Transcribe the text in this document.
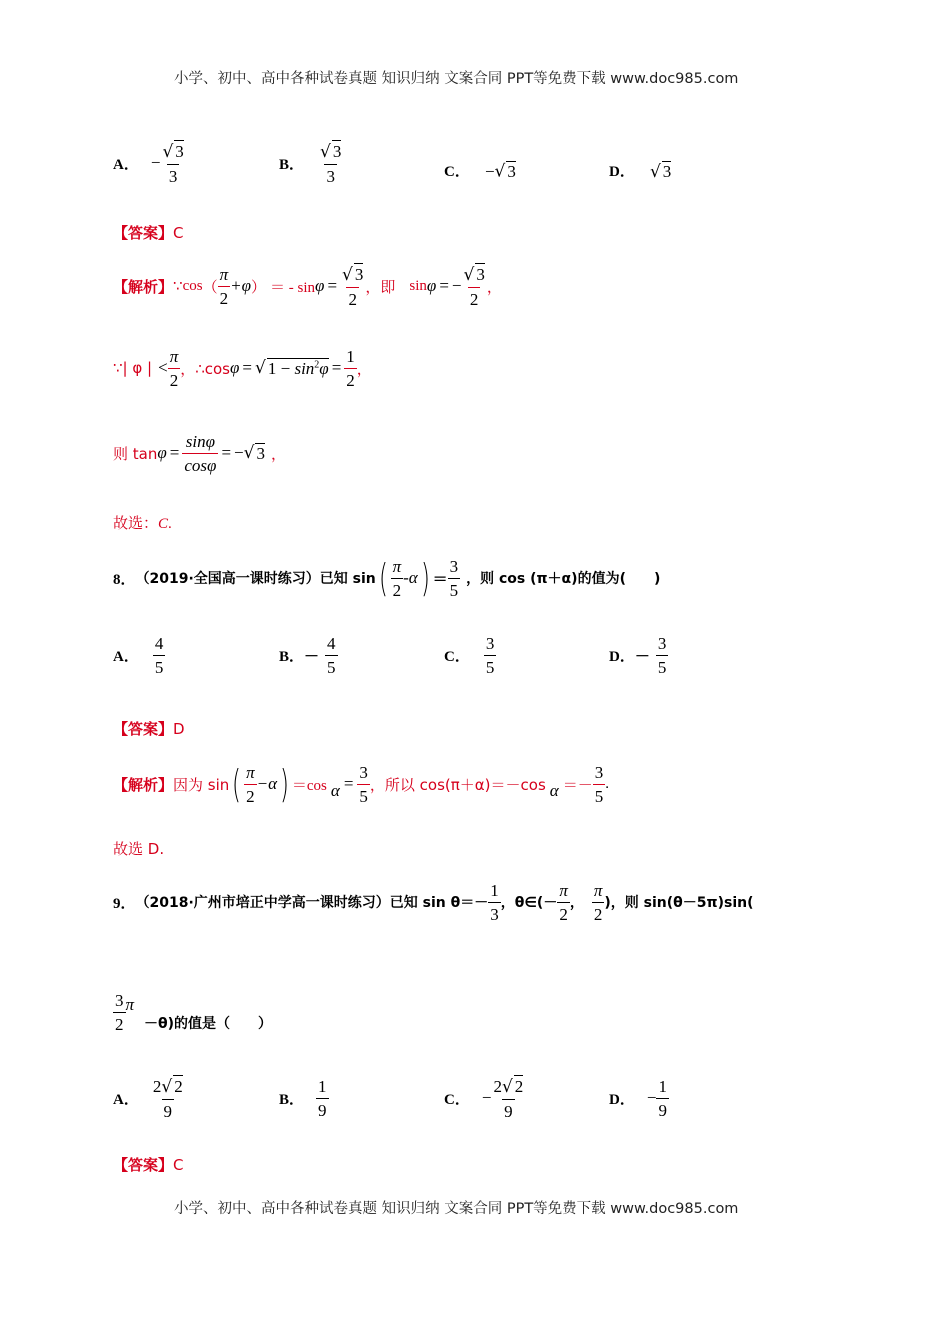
小学、初中、高中各种试卷真题 知识归纳 文案合同 PPT等免费下载 www.doc985.com
A． − $\frac{√ 3}{3}$	B． $\frac{√ 3}{3}$	C． −√ 3	D． √ 3
【答案】C
【解析】 ∵ cos （ $\frac{\pi}{2} +\varphi$ ） ＝ - $\sin \varphi = \frac{√ 3}{2}$ ，即 sin φ = − $\frac{√ 3}{2}$ ，
∵| φ | < $\frac{\pi}{2}$ ，∴cos φ = √ $1 - \sin^2\varphi = \frac{1}{2}$ ，
则 $\tan \varphi = \frac{\sin\varphi}{\cos\varphi}$ = − √ 3 ，
故选：C.
8． （2019·全国高一课时练习）已知 sin ( $\frac{\pi}{2} -\alpha$ ) ＝ $\frac{3}{5}$ ，则 cos (π＋α)的值为(　　)
A． $\frac{4}{5}$	B．－ $\frac{4}{5}$	C． $\frac{3}{5}$	D．－ $\frac{3}{5}$
【答案】D
【解析】 因为 sin ( $\frac{\pi}{2} -\alpha$ ) ＝cos $\alpha = \frac{3}{5}$ ，所以 cos(π＋α)＝－cos $\alpha =- \frac{3}{5}$ .
故选 D.
9． （2018·广州市培正中学高一课时练习）已知 $\sin \theta=- \frac{1}{3}$ ，θ∈(－ $\frac{\pi}{2}$ ， $\frac{\pi}{2}$ )，则 sin(θ－5π)sin(
$\frac{3}{2}$ π
－θ)的值是（　　）
A． $\frac{2√ 2}{9}$	B． $\frac{1}{9}$	C． − $\frac{2√ 2}{9}$	D． − $\frac{1}{9}$
【答案】C
小学、初中、高中各种试卷真题 知识归纳 文案合同 PPT等免费下载 www.doc985.com
